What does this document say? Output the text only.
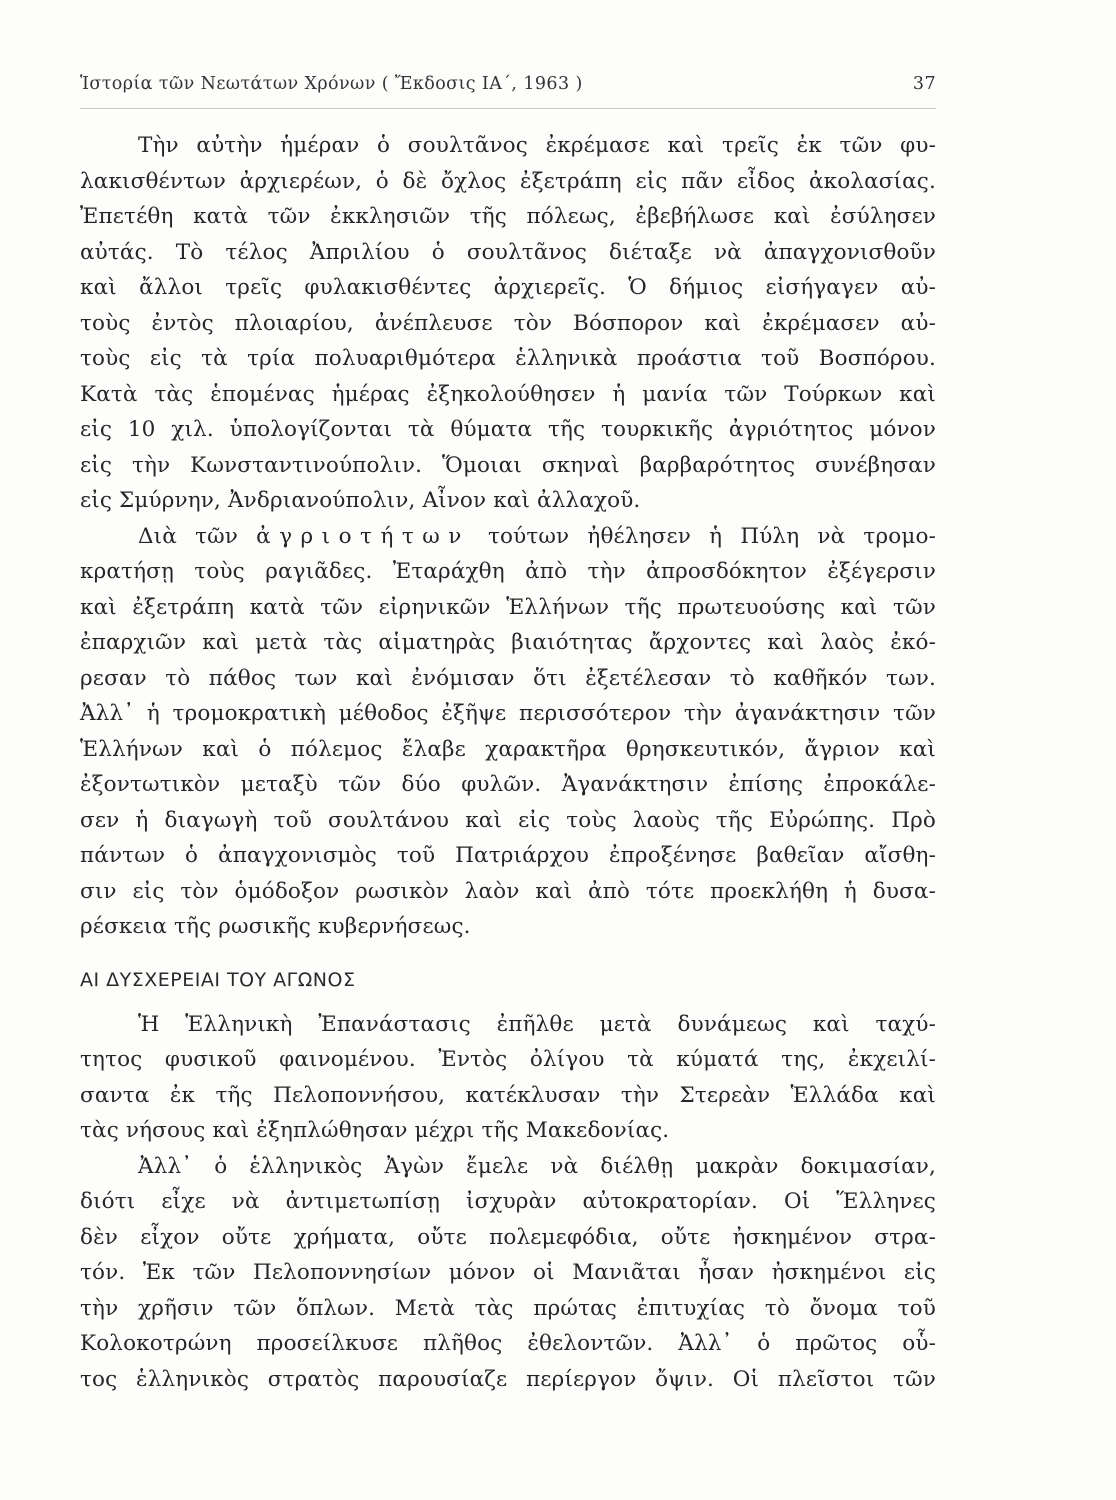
Ἱστορία τῶν Νεωτάτων Χρόνων ( Ἔκδοσις ΙΑ΄, 1963 )	37
Τὴν αὐτὴν ἡμέραν ὁ σουλτᾶνος ἐκρέμασε καὶ τρεῖς ἐκ τῶν φυ-
λακισθέντων ἀρχιερέων, ὁ δὲ ὄχλος ἐξετράπη εἰς πᾶν εἶδος ἀκολασίας.
Ἐπετέθη κατὰ τῶν ἐκκλησιῶν τῆς πόλεως, ἐβεβήλωσε καὶ ἐσύλησεν
αὐτάς. Τὸ τέλος Ἀπριλίου ὁ σουλτᾶνος διέταξε νὰ ἀπαγχονισθοῦν
καὶ ἄλλοι τρεῖς φυλακισθέντες ἀρχιερεῖς. Ὁ δήμιος εἰσήγαγεν αὐ-
τοὺς ἐντὸς πλοιαρίου, ἀνέπλευσε τὸν Βόσπορον καὶ ἐκρέμασεν αὐ-
τοὺς εἰς τὰ τρία πολυαριθμότερα ἑλληνικὰ προάστια τοῦ Βοσπόρου.
Κατὰ τὰς ἑπομένας ἡμέρας ἐξηκολούθησεν ἡ μανία τῶν Τούρκων καὶ
εἰς 10 χιλ. ὑπολογίζονται τὰ θύματα τῆς τουρκικῆς ἀγριότητος μόνον
εἰς τὴν Κωνσταντινούπολιν. Ὅμοιαι σκηναὶ βαρβαρότητος συνέβησαν
εἰς Σμύρνην, Ἀνδριανούπολιν, Αἶνον καὶ ἀλλαχοῦ.
Διὰ τῶν ἀγριοτήτων τούτων ἠθέλησεν ἡ Πύλη νὰ τρομο-
κρατήσῃ τοὺς ραγιᾶδες. Ἐταράχθη ἀπὸ τὴν ἀπροσδόκητον ἐξέγερσιν
καὶ ἐξετράπη κατὰ τῶν εἰρηνικῶν Ἑλλήνων τῆς πρωτευούσης καὶ τῶν
ἐπαρχιῶν καὶ μετὰ τὰς αἱματηρὰς βιαιότητας ἄρχοντες καὶ λαὸς ἐκό-
ρεσαν τὸ πάθος των καὶ ἐνόμισαν ὅτι ἐξετέλεσαν τὸ καθῆκόν των.
Ἀλλ᾽ ἡ τρομοκρατικὴ μέθοδος ἐξῆψε περισσότερον τὴν ἀγανάκτησιν τῶν
Ἑλλήνων καὶ ὁ πόλεμος ἔλαβε χαρακτῆρα θρησκευτικόν, ἄγριον καὶ
ἐξοντωτικὸν μεταξὺ τῶν δύο φυλῶν. Ἀγανάκτησιν ἐπίσης ἐπροκάλε-
σεν ἡ διαγωγὴ τοῦ σουλτάνου καὶ εἰς τοὺς λαοὺς τῆς Εὐρώπης. Πρὸ
πάντων ὁ ἀπαγχονισμὸς τοῦ Πατριάρχου ἐπροξένησε βαθεῖαν αἴσθη-
σιν εἰς τὸν ὁμόδοξον ρωσικὸν λαὸν καὶ ἀπὸ τότε προεκλήθη ἡ δυσα-
ρέσκεια τῆς ρωσικῆς κυβερνήσεως.
ΑΙ ΔΥΣΧΕΡΕΙΑΙ ΤΟΥ ΑΓΩΝΟΣ
Ἡ Ἑλληνικὴ Ἐπανάστασις ἐπῆλθε μετὰ δυνάμεως καὶ ταχύ-
τητος φυσικοῦ φαινομένου. Ἐντὸς ὀλίγου τὰ κύματά της, ἐκχειλί-
σαντα ἐκ τῆς Πελοποννήσου, κατέκλυσαν τὴν Στερεὰν Ἑλλάδα καὶ
τὰς νήσους καὶ ἐξηπλώθησαν μέχρι τῆς Μακεδονίας.
Ἀλλ᾽ ὁ ἑλληνικὸς Ἀγὼν ἔμελε νὰ διέλθῃ μακρὰν δοκιμασίαν,
διότι εἶχε νὰ ἀντιμετωπίσῃ ἰσχυρὰν αὐτοκρατορίαν. Οἱ Ἕλληνες
δὲν εἶχον οὔτε χρήματα, οὔτε πολεμεφόδια, οὔτε ἠσκημένον στρα-
τόν. Ἐκ τῶν Πελοποννησίων μόνον οἱ Μανιᾶται ἦσαν ἠσκημένοι εἰς
τὴν χρῆσιν τῶν ὅπλων. Μετὰ τὰς πρώτας ἐπιτυχίας τὸ ὄνομα τοῦ
Κολοκοτρώνη προσείλκυσε πλῆθος ἐθελοντῶν. Ἀλλ᾽ ὁ πρῶτος οὗ-
τος ἑλληνικὸς στρατὸς παρουσίαζε περίεργον ὄψιν. Οἱ πλεῖστοι τῶν
